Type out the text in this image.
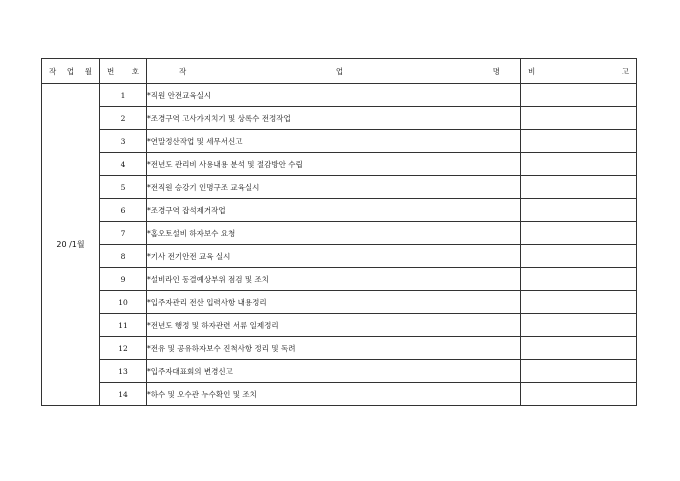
작 업 월	번 호	작 업 명	비 고

20 /1월	1	*직원 안전교육실시	
	2	*조경구역 고사가지치기 및 상록수 전정작업	
	3	*연말정산작업 및 세무서신고	
	4	*전년도 관리비 사용내용 분석 및 절감방안 수립	
	5	*전직원 승강기 인명구조 교육실시	
	6	*조경구역 잡석제거작업	
	7	*홈오토설비 하자보수 요청	
	8	*기사 전기안전 교육 실시	
	9	*설비라인 동결예상부위 점검 및 조치	
	10	*입주자관리 전산 입력사항 내용정리	
	11	*전년도 행정 및 하자관련 서류 일제정리	
	12	*전유 및 공유하자보수 진척사항 정리 및 독려	
	13	*입주자대표회의 변경신고	
	14	*하수 및 오수관 누수확인 및 조치	
